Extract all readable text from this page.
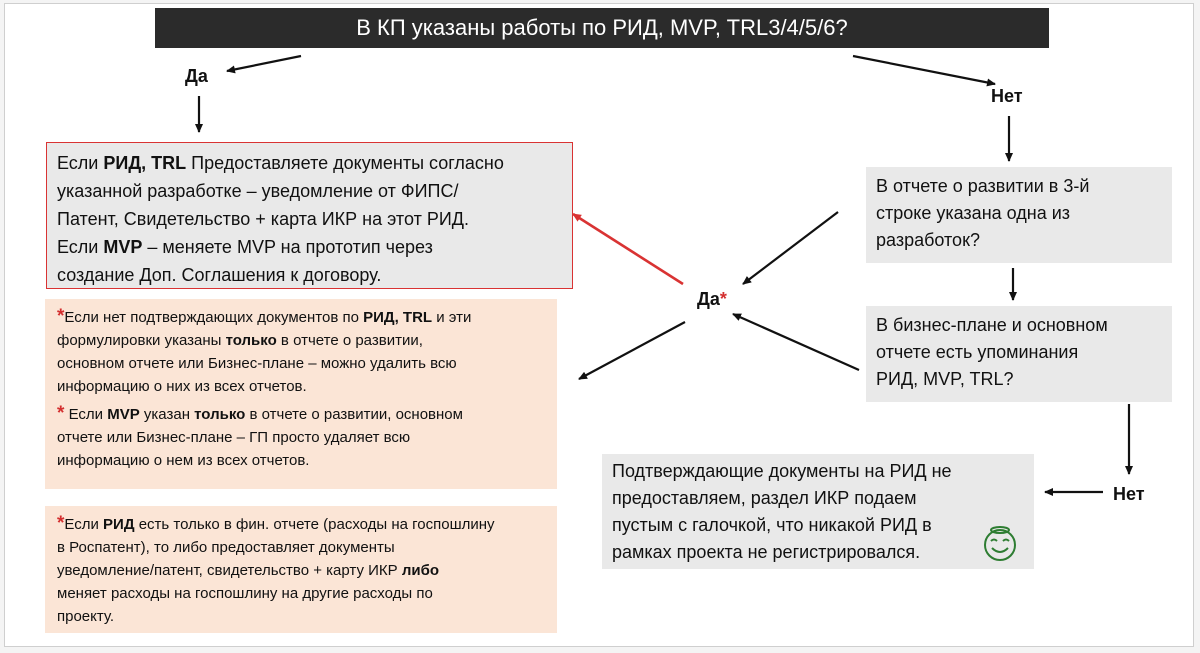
В КП указаны работы по РИД, MVP, TRL3/4/5/6?
Да
Нет
Да*
Нет
Если РИД, TRL Предоставляете документы согласно
указанной разработке – уведомление от ФИПС/
Патент, Свидетельство + карта ИКР на этот РИД.
Если MVP – меняете MVP на прототип через
создание Доп. Соглашения к договору.
В отчете о развитии в 3-й
строке указана одна из
разработок?
В бизнес-плане и основном
отчете есть упоминания
РИД, MVP, TRL?
Подтверждающие документы на РИД не
предоставляем, раздел ИКР подаем
пустым с галочкой, что никакой РИД в
рамках проекта не регистрировался.
*Если нет подтверждающих документов по РИД, TRL и эти
формулировки указаны только в отчете о развитии,
основном отчете или Бизнес-плане – можно удалить всю
информацию о них из всех отчетов.
* Если MVP указан только в отчете о развитии, основном
отчете или Бизнес-плане – ГП просто удаляет всю
информацию о нем из всех отчетов.
*Если РИД есть только в фин. отчете (расходы на госпошлину
в Роспатент), то либо предоставляет документы
уведомление/патент, свидетельство + карту ИКР либо
меняет расходы на госпошлину на другие расходы по
проекту.
